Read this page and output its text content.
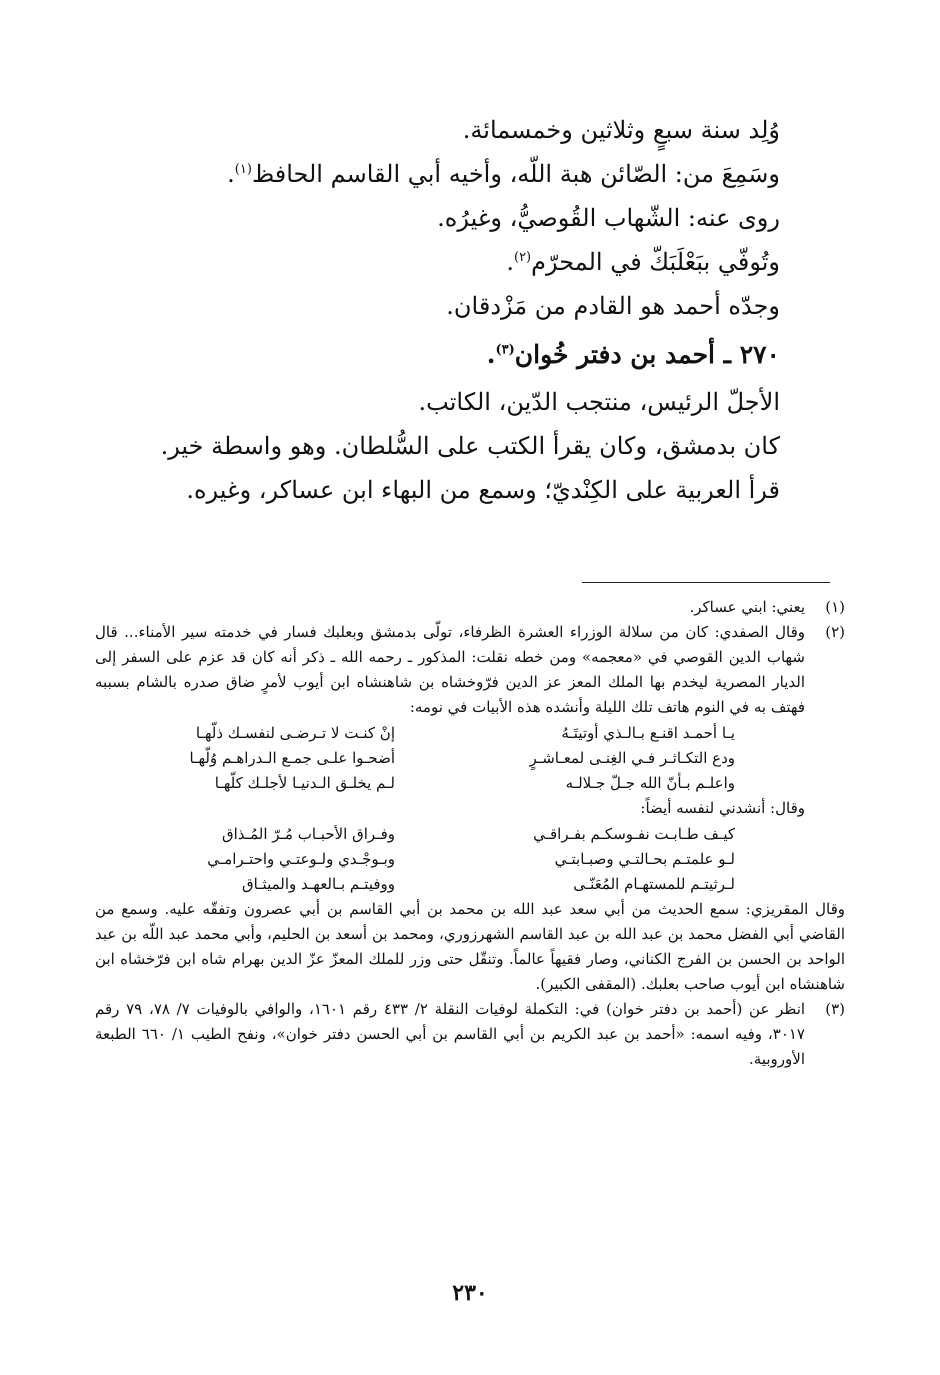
وُلِد سنة سبعٍ وثلاثين وخمسمائة.

وسَمِعَ من: الصّائن هبة اللّه، وأخيه أبي القاسم الحافظ$^{(١)}$.

روى عنه: الشّهاب القُوصيُّ، وغيرُه.

وتُوفّي ببَعْلَبَكّ في المحرّم$^{(٢)}$.

وجدّه أحمد هو القادم من مَزْدقان.

٢٧٠ ـ أحمد بن دفتر خُوان$^{(٣)}$.

الأجلّ الرئيس، منتجب الدّين، الكاتب.

كان بدمشق، وكان يقرأ الكتب على السُّلطان. وهو واسطة خير.

قرأ العربية على الكِنْديّ؛ وسمع من البهاء ابن عساكر، وغيره.

(١)

يعني: ابني عساكر.

(٢)

وقال الصفدي: كان من سلالة الوزراء العشرة الظرفاء، تولّى بدمشق وبعلبك فسار في خدمته سير الأمناء... قال شهاب الدين القوصي في «معجمه» ومن خطه نقلت: المذكور ـ رحمه الله ـ ذكر أنه كان قد عزم على السفر إلى الديار المصرية ليخدم بها الملك المعز عز الدين فرّوخشاه بن شاهنشاه ابن أيوب لأمرٍ ضاق صدره بالشام بسببه فهتف به في النوم هاتف تلك الليلة وأنشده هذه الأبيات في نومه:

يـا أحمـد اقنـع بـالـذي أوتيتَـهُ
إنْ كنـت لا تـرضـى لنفسـك ذلّهـا
ودع التكـاثـر فـي الغِنـى لمعـاشـرٍ
أضحـوا علـى جمـع الـدراهـم وُلّهـا
واعلـم بـأنّ الله جـلّ جـلالـه
لـم يخلـق الـدنيـا لأجلـك كلّهـا

وقال: أنشدني لنفسه أيضاً:

كيـف طـابـت نفـوسكـم بفـراقـي
وفـراق الأحبـاب مُـرّ المُـذاق
لـو علمتـم بحـالتـي وصبـابتـي
وبـوجْـدي ولـوعتـي واحتـرامـي
لـرثيتـم للمستهـام المُعَنّـى
ووفيتـم بـالعهـد والميثـاق

وقال المقريزي: سمع الحديث من أبي سعد عبد الله بن محمد بن أبي القاسم بن أبي عصرون وتفقّه عليه. وسمع من القاضي أبي الفضل محمد بن عبد الله بن عبد القاسم الشهرزوري، ومحمد بن أسعد بن الحليم، وأبي محمد عبد اللّه بن عبد الواحد بن الحسن بن الفرج الكناني، وصار فقيهاً عالماً. وتنقّل حتى وزر للملك المعزّ عزّ الدين بهرام شاه ابن فرّخشاه ابن شاهنشاه ابن أيوب صاحب بعلبك. (المقفى الكبير).

(٣)

انظر عن (أحمد بن دفتر خوان) في: التكملة لوفيات النقلة ٢/ ٤٣٣ رقم ١٦٠١، والوافي بالوفيات ٧/ ٧٨، ٧٩ رقم ٣٠١٧، وفيه اسمه: «أحمد بن عبد الكريم بن أبي القاسم بن أبي الحسن دفتر خوان»، ونفح الطيب ١/ ٦٦٠ الطبعة الأوروبية.

٢٣٠
